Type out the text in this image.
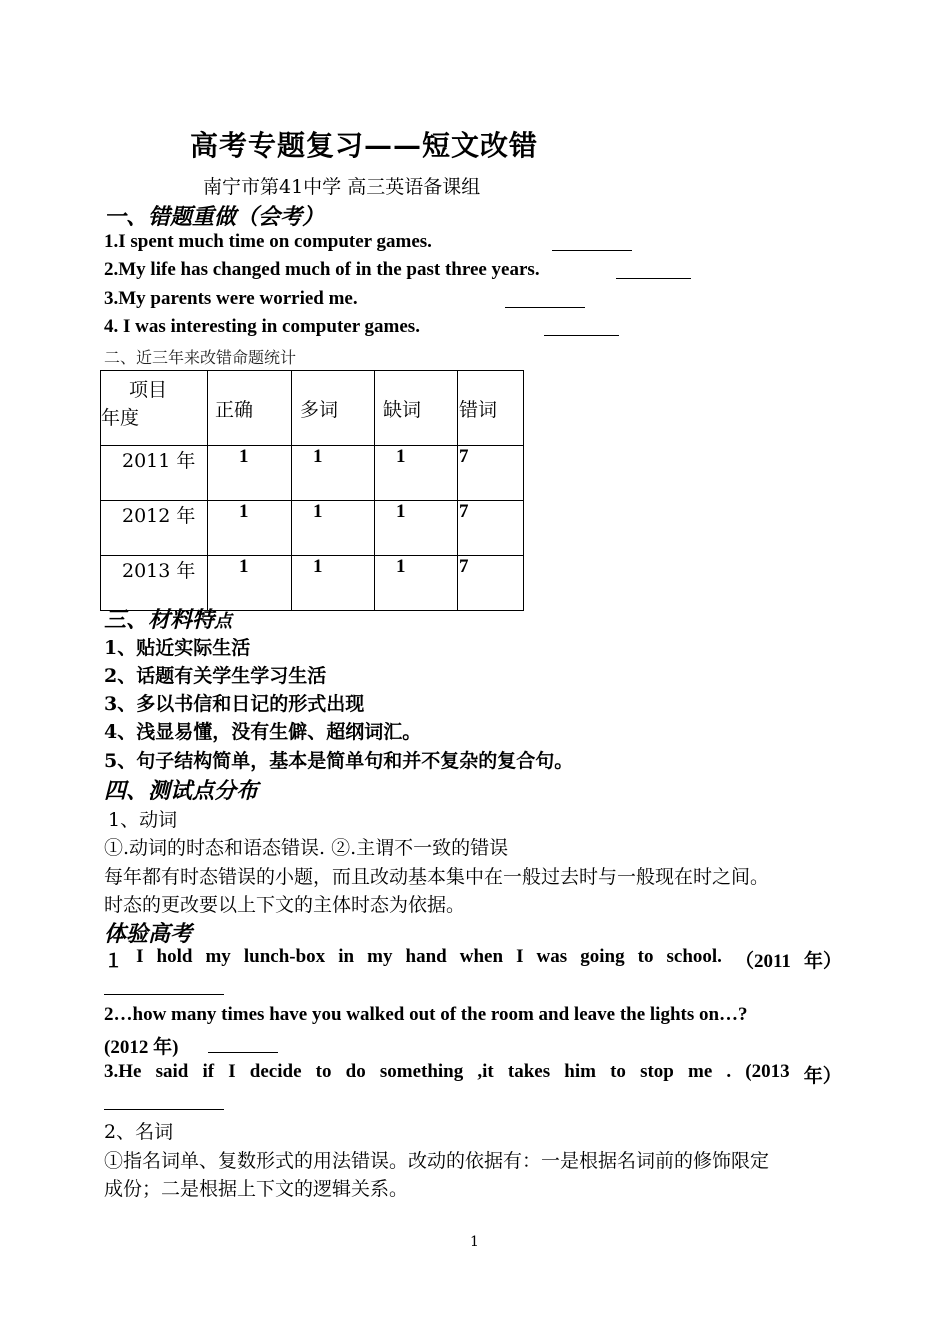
高考专题复习——短文改错
南宁市第41中学 高三英语备课组
一、错题重做（会考）
1.I spent much time on computer games.
2.My life has changed much of in the past three years.
3.My parents were worried me.
4. I was interesting in computer games.
二、近三年来改错命题统计
项目
年度	正确	多词	缺词	错词
2011 年	1	1	1	7
2012 年	1	1	1	7
2013 年	1	1	1	7
三、材料特点
1、贴近实际生活
2、话题有关学生学习生活
3、多以书信和日记的形式出现
4、浅显易懂，没有生僻、超纲词汇。
5、句子结构简单，基本是简单句和并不复杂的复合句。
四、测试点分布
1、动词
①.动词的时态和语态错误. ②.主谓不一致的错误
每年都有时态错误的小题，而且改动基本集中在一般过去时与一般现在时之间。
时态的更改要以上下文的主体时态为依据。
体验高考
１ I hold my lunch-box in my hand when I was going to school. （2011 年）
2…how many times have you walked out of the room and leave the lights on…?
(2012 年)
3.He said if I decide to do something ,it takes him to stop me . (2013 年）
2、名词
①指名词单、复数形式的用法错误。改动的依据有：一是根据名词前的修饰限定
成份；二是根据上下文的逻辑关系。
1
